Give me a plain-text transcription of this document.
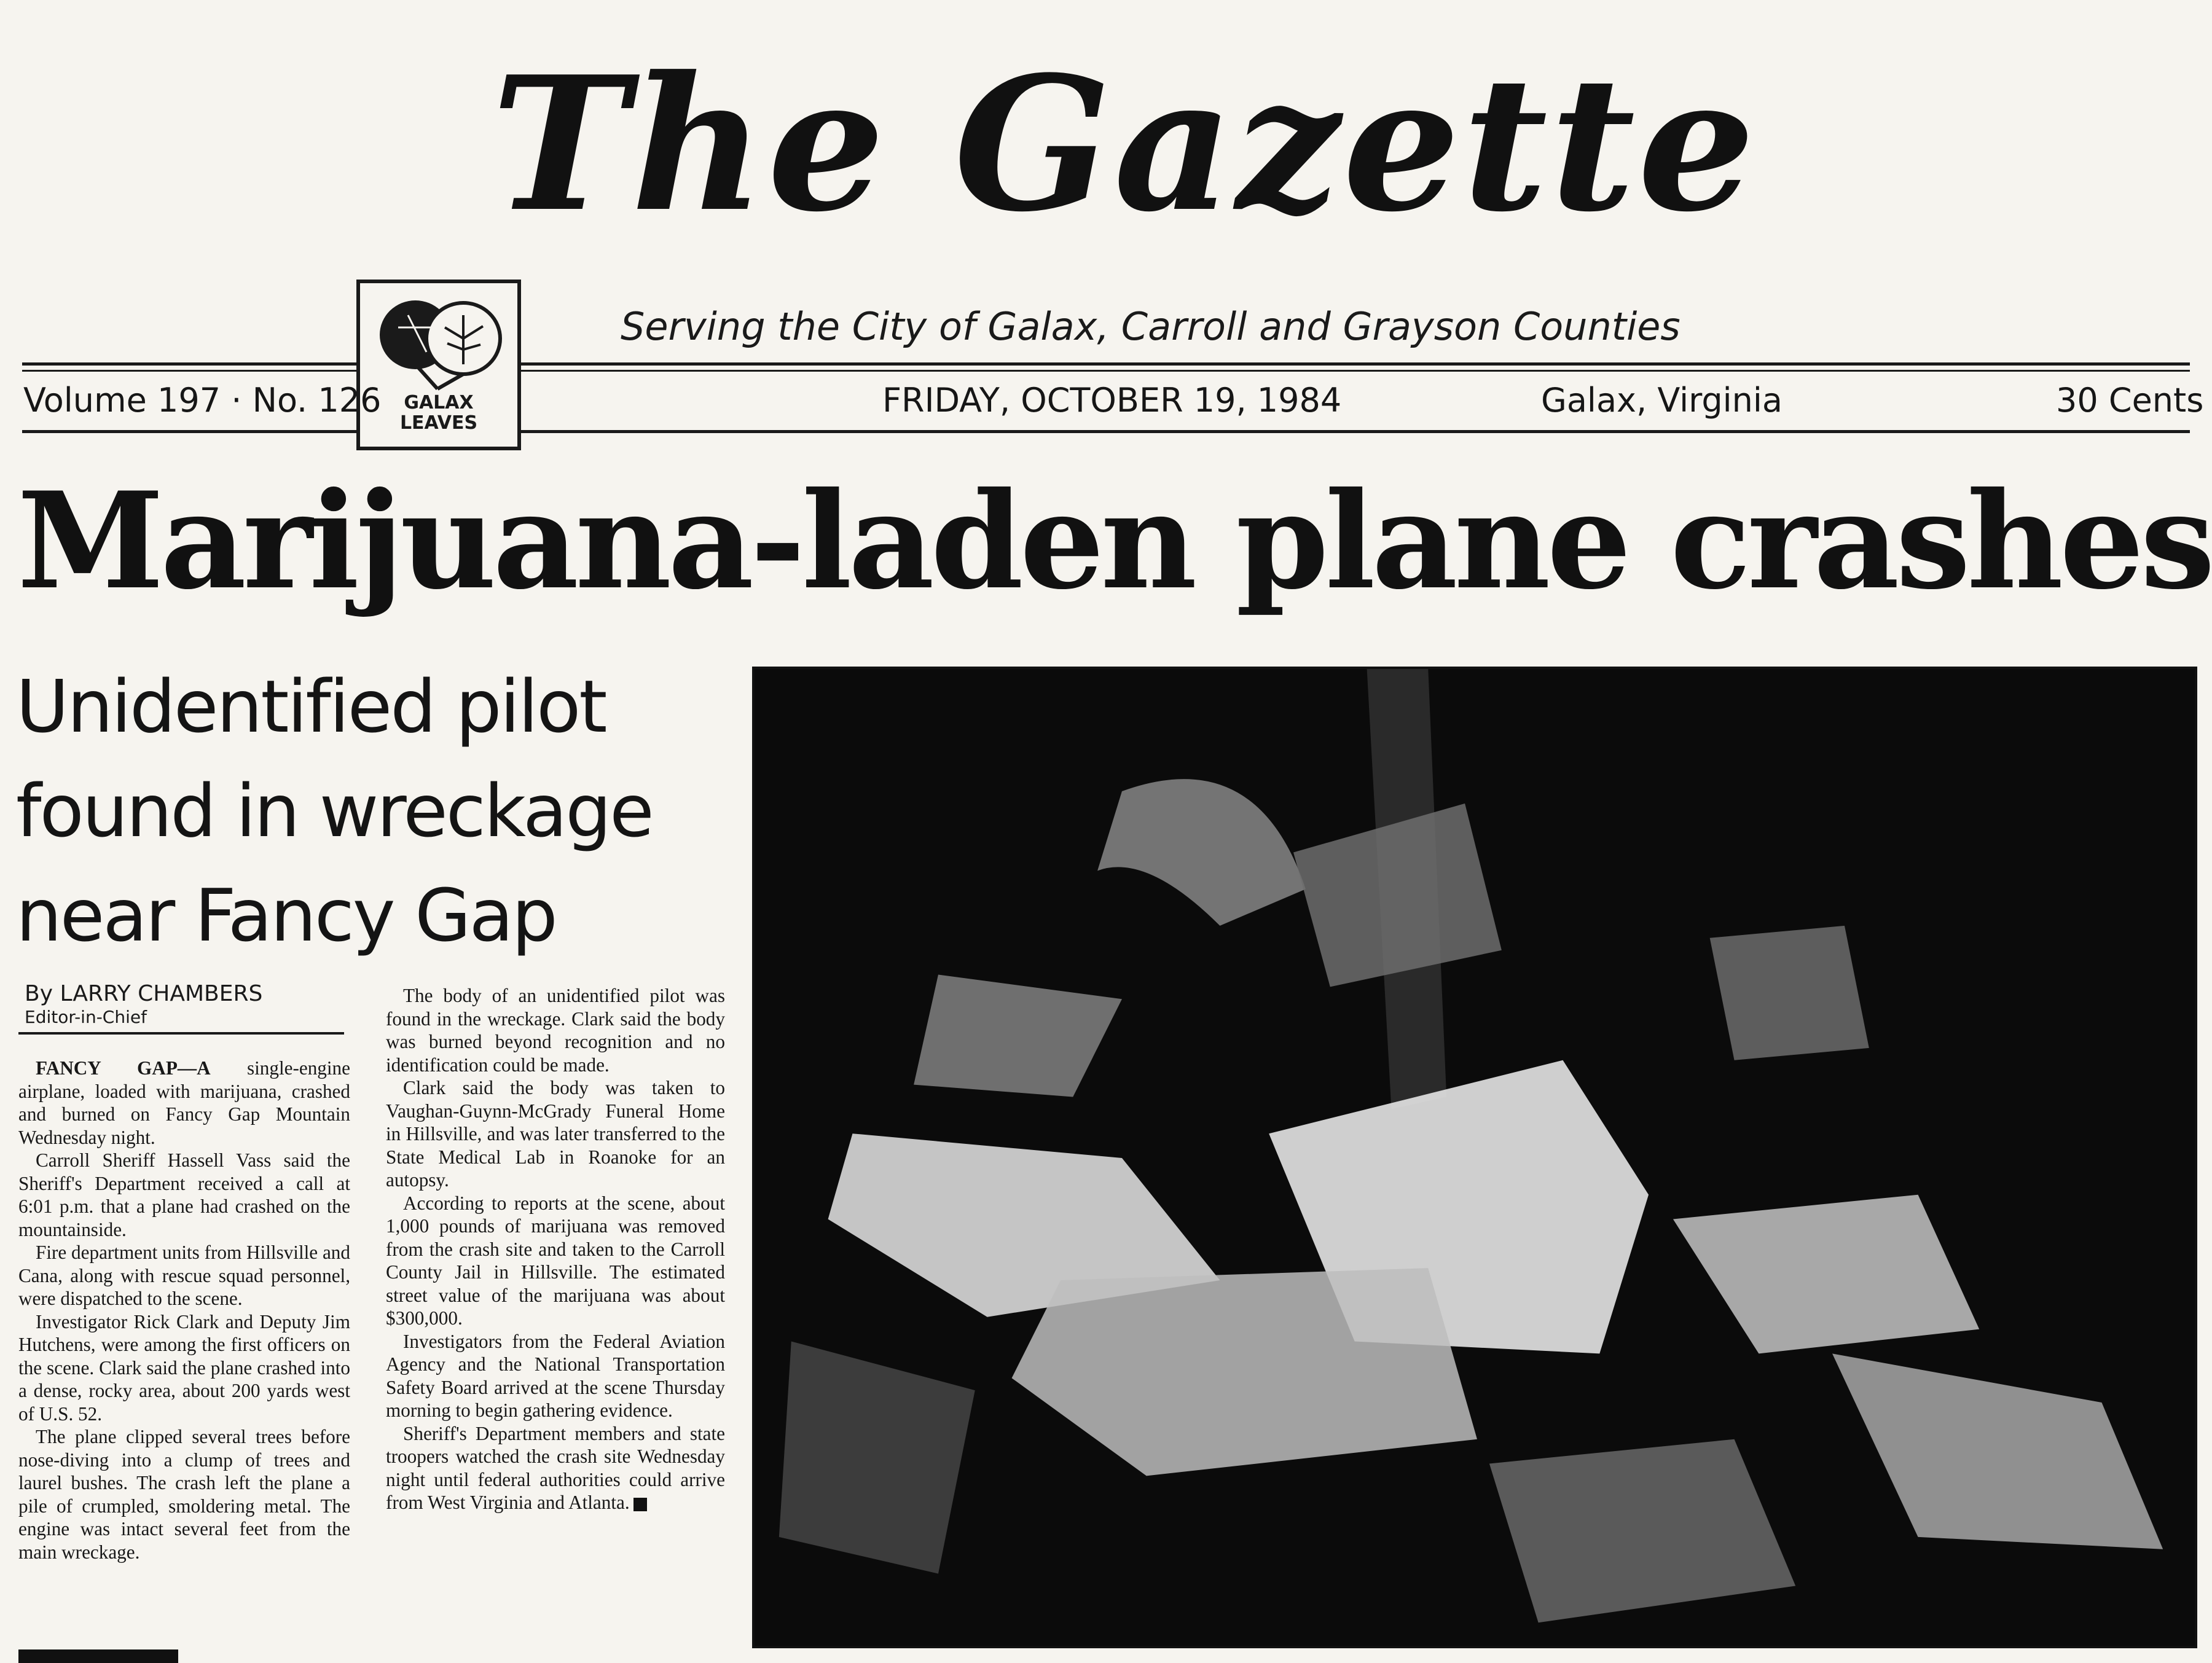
The Gazette
Serving the City of Galax, Carroll and Grayson Counties
GALAX
LEAVES
Volume 197 · No. 126	FRIDAY, OCTOBER 19, 1984	Galax, Virginia	30 Cents
Marijuana-laden plane crashes
Unidentified pilot
found in wreckage
near Fancy Gap
By LARRY CHAMBERS
Editor-in-Chief

FANCY GAP—A single-engine airplane, loaded with marijuana, crashed and burned on Fancy Gap Mountain Wednesday night.

Carroll Sheriff Hassell Vass said the Sheriff's Department received a call at 6:01 p.m. that a plane had crashed on the mountainside.

Fire department units from Hillsville and Cana, along with rescue squad personnel, were dispatched to the scene.

Investigator Rick Clark and Deputy Jim Hutchens, were among the first officers on the scene. Clark said the plane crashed into a dense, rocky area, about 200 yards west of U.S. 52.

The plane clipped several trees before nose-diving into a clump of trees and laurel bushes. The crash left the plane a pile of crumpled, smoldering metal. The engine was intact several feet from the main wreckage.

The body of an unidentified pilot was found in the wreckage. Clark said the body was burned beyond recognition and no identification could be made.

Clark said the body was taken to Vaughan-Guynn-McGrady Funeral Home in Hillsville, and was later transferred to the State Medical Lab in Roanoke for an autopsy.

According to reports at the scene, about 1,000 pounds of marijuana was removed from the crash site and taken to the Carroll County Jail in Hillsville. The estimated street value of the marijuana was about $300,000.

Investigators from the Federal Aviation Agency and the National Transportation Safety Board arrived at the scene Thursday morning to begin gathering evidence.

Sheriff's Department members and state troopers watched the crash site Wednesday night until federal authorities could arrive from West Virginia and Atlanta.
